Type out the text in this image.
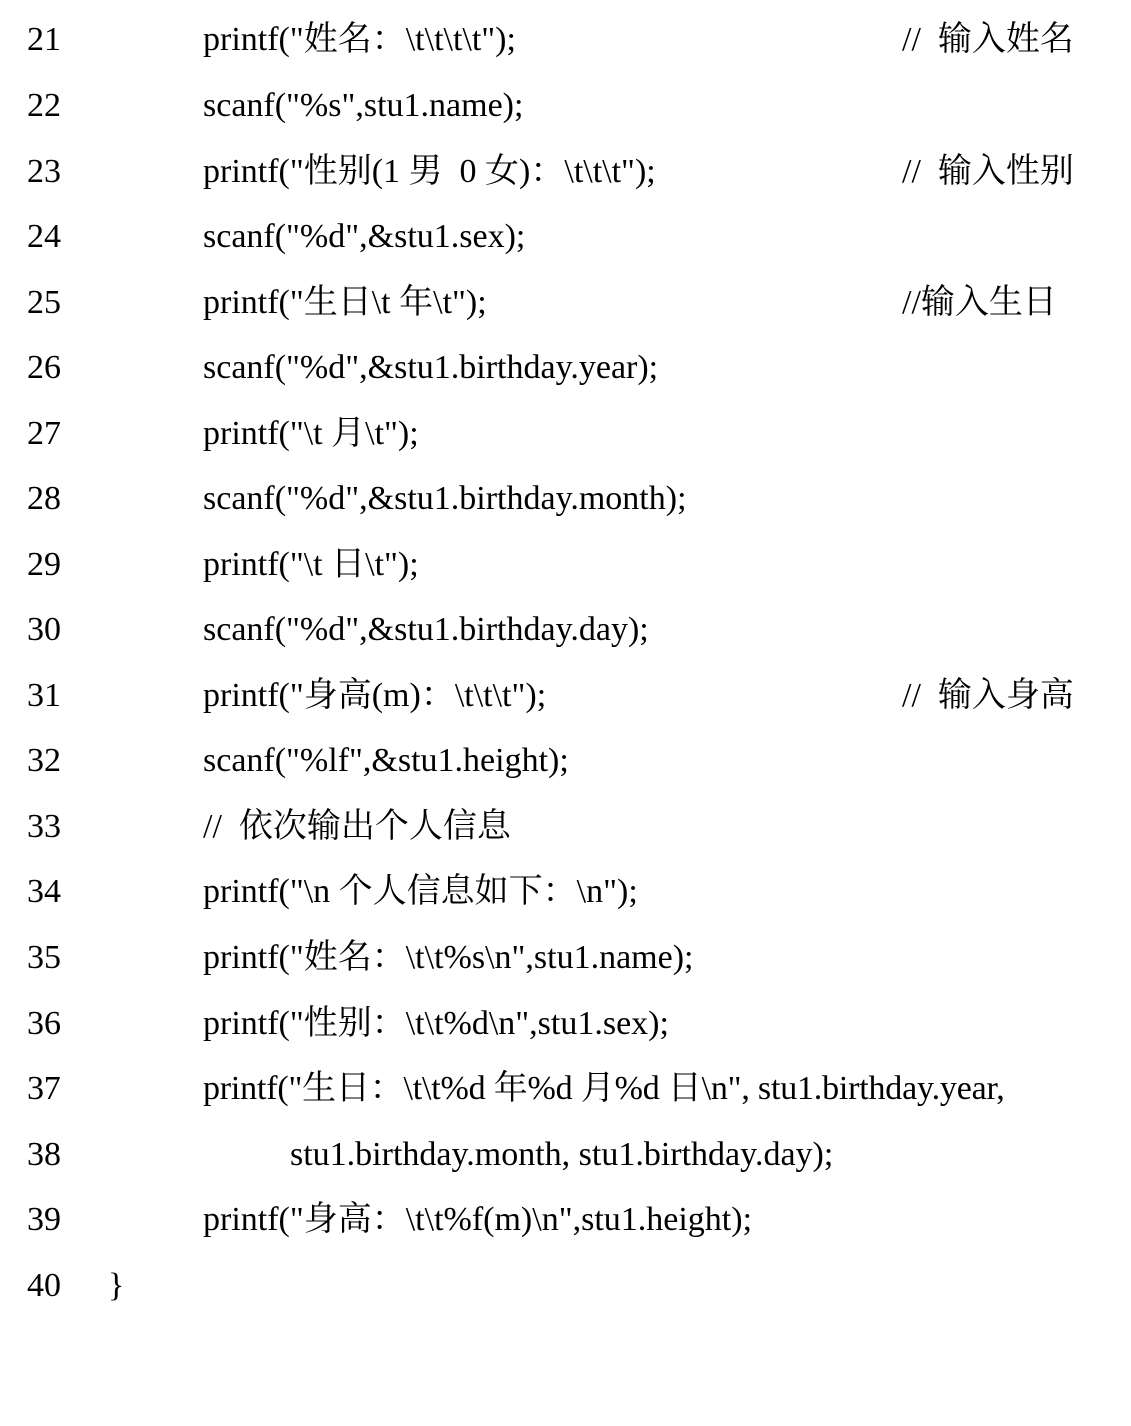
21

	printf("姓名：\t\t\t\t");

	//  输入姓名

22

	scanf("%s",stu1.name);

23

	printf("性别(1 男  0 女)：\t\t\t");

	//  输入性别

24

	scanf("%d",&stu1.sex);

25

	printf("生日\t 年\t");

	//输入生日

26

	scanf("%d",&stu1.birthday.year);

27

	printf("\t 月\t");

28

	scanf("%d",&stu1.birthday.month);

29

	printf("\t 日\t");

30

	scanf("%d",&stu1.birthday.day);

31

	printf("身高(m)：\t\t\t");

	//  输入身高

32

	scanf("%lf",&stu1.height);

33

	//  依次输出个人信息

34

	printf("\n 个人信息如下：\n");

35

	printf("姓名：\t\t%s\n",stu1.name);

36

	printf("性别：\t\t%d\n",stu1.sex);

37

	printf("生日：\t\t%d 年%d 月%d 日\n", stu1.birthday.year,

38

	stu1.birthday.month, stu1.birthday.day);

39

	printf("身高：\t\t%f(m)\n",stu1.height);

40

}
